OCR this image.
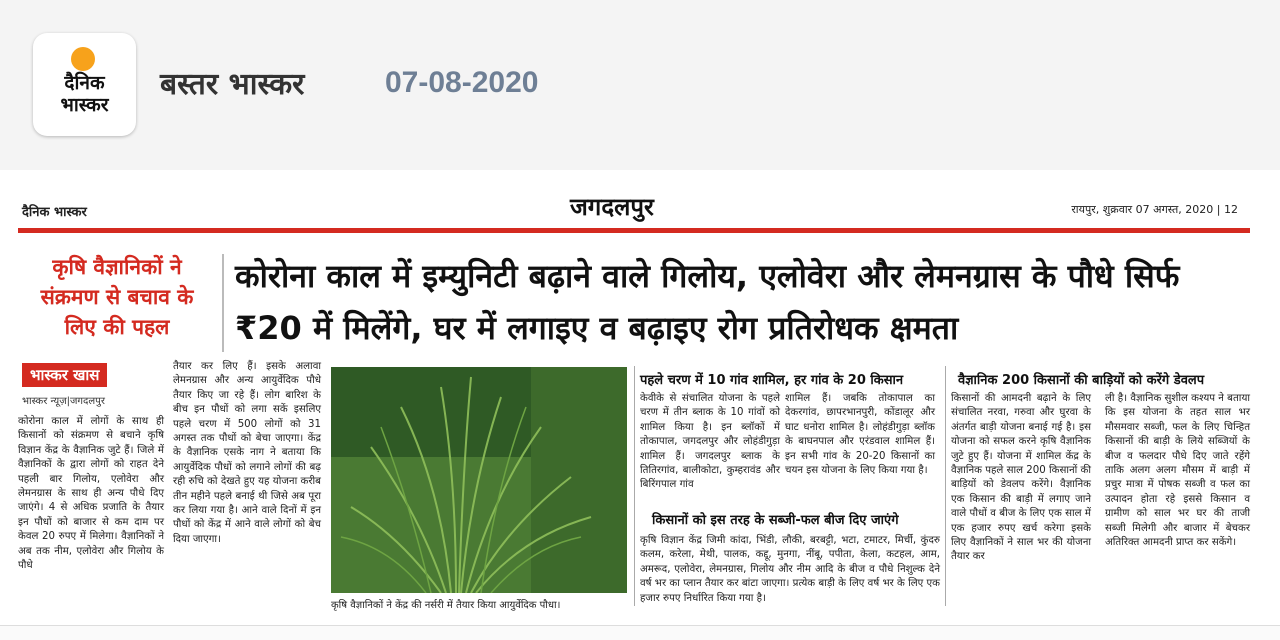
दैनिक
भास्कर
बस्तर भास्कर	07-08-2020
दैनिक भास्कर	जगदलपुर	रायपुर, शुक्रवार 07 अगस्त, 2020 | 12
कृषि वैज्ञानिकों ने संक्रमण से बचाव के लिए की पहल
कोरोना काल में इम्युनिटी बढ़ाने वाले गिलोय, एलोवेरा और लेमनग्रास के पौधे सिर्फ ₹20 में मिलेंगे, घर में लगाइए व बढ़ाइए रोग प्रतिरोधक क्षमता
भास्कर खास
भास्कर न्यूज़|जगदलपुर
कोरोना काल में लोगों के साथ ही किसानों को संक्रमण से बचाने कृषि विज्ञान केंद्र के वैज्ञानिक जुटे हैं। जिले में वैज्ञानिकों के द्वारा लोगों को राहत देने पहली बार गिलोय, एलोवेरा और लेमनग्रास के साथ ही अन्य पौधे दिए जाएंगे। 4 से अधिक प्रजाति के तैयार इन पौधों को बाजार से कम दाम पर केवल 20 रुपए में मिलेगा। वैज्ञानिकों ने अब तक नीम, एलोवेरा और गिलोय के पौधे
तैयार कर लिए हैं। इसके अलावा लेमनग्रास और अन्य आयुर्वेदिक पौधे तैयार किए जा रहे हैं। लोग बारिश के बीच इन पौधों को लगा सकें इसलिए पहले चरण में 500 लोगों को 31 अगस्त तक पौधों को बेचा जाएगा। केंद्र के वैज्ञानिक एसके नाग ने बताया कि आयुर्वेदिक पौधों को लगाने लोगों की बढ़ रही रुचि को देखते हुए यह योजना करीब तीन महीने पहले बनाई थी जिसे अब पूरा कर लिया गया है। आने वाले दिनों में इन पौधों को केंद्र में आने वाले लोगों को बेच दिया जाएगा।
कृषि वैज्ञानिकों ने केंद्र की नर्सरी में तैयार किया आयुर्वेदिक पौधा।
पहले चरण में 10 गांव शामिल, हर गांव के 20 किसान
केवीके से संचालित योजना के पहले चरण में तीन ब्लाक के 10 गांवों को शामिल किया है। इन ब्लॉकों में तोकापाल, जगदलपुर और लोहंडीगुड़ा शामिल हैं। जगदलपुर ब्लाक के तितिरगांव, बालीकोटा, कुम्हरावंड और बिरिंगपाल गांव
शामिल हैं। जबकि तोकापाल का देकरगांव, छापरभानपुरी, कोंडालूर और घाट धनोरा शामिल है। लोहंडीगुड़ा ब्लॉक के बाघनपाल और एरंडवाल शामिल हैं। इन सभी गांव के 20-20 किसानों का चयन इस योजना के लिए किया गया है।
किसानों को इस तरह के सब्जी-फल बीज दिए जाएंगे
कृषि विज्ञान केंद्र जिमी कांदा, भिंडी, लौकी, बरबट्टी, भटा, टमाटर, मिर्ची, कुंदरु कलम, करेला, मेथी, पालक, कद्दू, मुनगा, नींबू, पपीता, केला, कटहल, आम, अमरूद, एलोवेरा, लेमनग्रास, गिलोय और नीम आदि के बीज व पौधे निशुल्क देने वर्ष भर का प्लान तैयार कर बांटा जाएगा। प्रत्येक बाड़ी के लिए वर्ष भर के लिए एक हजार रुपए निर्धारित किया गया है।
वैज्ञानिक 200 किसानों की बाड़ियों को करेंगे डेवलप
किसानों की आमदनी बढ़ाने के लिए संचालित नरवा, गरुवा और घुरवा के अंतर्गत बाड़ी योजना बनाई गई है। इस योजना को सफल करने कृषि वैज्ञानिक जुटे हुए हैं। योजना में शामिल केंद्र के वैज्ञानिक पहले साल 200 किसानों की बाड़ियों को डेवलप करेंगे। वैज्ञानिक एक किसान की बाड़ी में लगाए जाने वाले पौधों व बीज के लिए एक साल में एक हजार रुपए खर्च करेगा इसके लिए वैज्ञानिकों ने साल भर की योजना तैयार कर
ली है। वैज्ञानिक सुशील कश्यप ने बताया कि इस योजना के तहत साल भर मौसमवार सब्जी, फल के लिए चिन्हित किसानों की बाड़ी के लिये सब्जियों के बीज व फलदार पौधे दिए जाते रहेंगे ताकि अलग अलग मौसम में बाड़ी में प्रचुर मात्रा में पोषक सब्जी व फल का उत्पादन होता रहे इससे किसान व ग्रामीण को साल भर घर की ताजी सब्जी मिलेगी और बाजार में बेचकर अतिरिक्त आमदनी प्राप्त कर सकेंगे।
